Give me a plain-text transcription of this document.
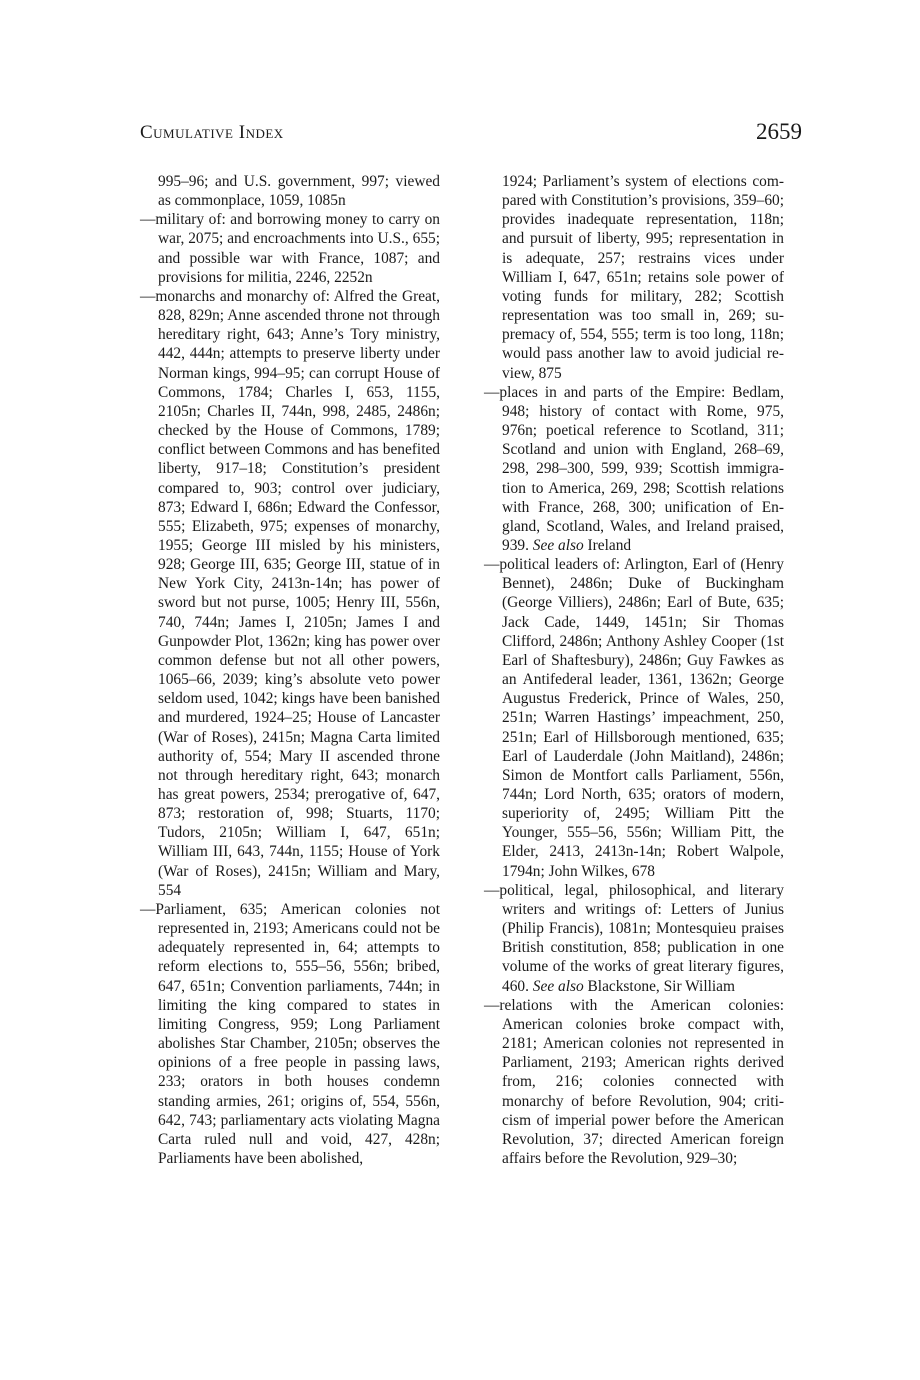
Cumulative Index	2659

995–96; and U.S. government, 997; viewed as commonplace, 1059, 1085n

—military of: and borrowing money to carry on war, 2075; and encroachments into U.S., 655; and possible war with France, 1087; and provisions for militia, 2246, 2252n

—monarchs and monarchy of: Alfred the Great, 828, 829n; Anne ascended throne not through hereditary right, 643; Anne’s Tory ministry, 442, 444n; attempts to preserve liberty under Norman kings, 994–95; can corrupt House of Commons, 1784; Charles I, 653, 1155, 2105n; Charles II, 744n, 998, 2485, 2486n; checked by the House of Commons, 1789; conflict between Commons and has benefited liberty, 917–18; Constitution’s president compared to, 903; control over judiciary, 873; Edward I, 686n; Edward the Confessor, 555; Elizabeth, 975; expenses of monarchy, 1955; George III misled by his ministers, 928; George III, 635; George III, statue of in New York City, 2413n-14n; has power of sword but not purse, 1005; Henry III, 556n, 740, 744n; James I, 2105n; James I and Gunpowder Plot, 1362n; king has power over common defense but not all other powers, 1065–66, 2039; king’s absolute veto power seldom used, 1042; kings have been banished and murdered, 1924–25; House of Lancaster (War of Roses), 2415n; Magna Carta limited authority of, 554; Mary II ascended throne not through hereditary right, 643; monarch has great powers, 2534; prerogative of, 647, 873; restoration of, 998; Stuarts, 1170; Tudors, 2105n; William I, 647, 651n; William III, 643, 744n, 1155; House of York (War of Roses), 2415n; William and Mary, 554

—Parliament, 635; American colonies not represented in, 2193; Americans could not be adequately represented in, 64; attempts to reform elections to, 555–56, 556n; bribed, 647, 651n; Convention parliaments, 744n; in limiting the king compared to states in limiting Congress, 959; Long Parliament abolishes Star Chamber, 2105n; observes the opinions of a free people in passing laws, 233; orators in both houses condemn standing armies, 261; origins of, 554, 556n, 642, 743; parliamentary acts violating Magna Carta ruled null and void, 427, 428n; Parliaments have been abolished,

1924; Parliament’s system of elections compared with Constitution’s provisions, 359–60; provides inadequate representation, 118n; and pursuit of liberty, 995; representation in is adequate, 257; restrains vices under William I, 647, 651n; retains sole power of voting funds for military, 282; Scottish representation was too small in, 269; supremacy of, 554, 555; term is too long, 118n; would pass another law to avoid judicial review, 875

—places in and parts of the Empire: Bedlam, 948; history of contact with Rome, 975, 976n; poetical reference to Scotland, 311; Scotland and union with England, 268–69, 298, 298–300, 599, 939; Scottish immigration to America, 269, 298; Scottish relations with France, 268, 300; unification of England, Scotland, Wales, and Ireland praised, 939. See also Ireland

—political leaders of: Arlington, Earl of (Henry Bennet), 2486n; Duke of Buckingham (George Villiers), 2486n; Earl of Bute, 635; Jack Cade, 1449, 1451n; Sir Thomas Clifford, 2486n; Anthony Ashley Cooper (1st Earl of Shaftesbury), 2486n; Guy Fawkes as an Antifederal leader, 1361, 1362n; George Augustus Frederick, Prince of Wales, 250, 251n; Warren Hastings’ impeachment, 250, 251n; Earl of Hillsborough mentioned, 635; Earl of Lauderdale (John Maitland), 2486n; Simon de Montfort calls Parliament, 556n, 744n; Lord North, 635; orators of modern, superiority of, 2495; William Pitt the Younger, 555–56, 556n; William Pitt, the Elder, 2413, 2413n-14n; Robert Walpole, 1794n; John Wilkes, 678

—political, legal, philosophical, and literary writers and writings of: Letters of Junius (Philip Francis), 1081n; Montesquieu praises British constitution, 858; publication in one volume of the works of great literary figures, 460. See also Blackstone, Sir William

—relations with the American colonies: American colonies broke compact with, 2181; American colonies not represented in Parliament, 2193; American rights derived from, 216; colonies connected with monarchy of before Revolution, 904; criticism of imperial power before the American Revolution, 37; directed American foreign affairs before the Revolution, 929–30;
